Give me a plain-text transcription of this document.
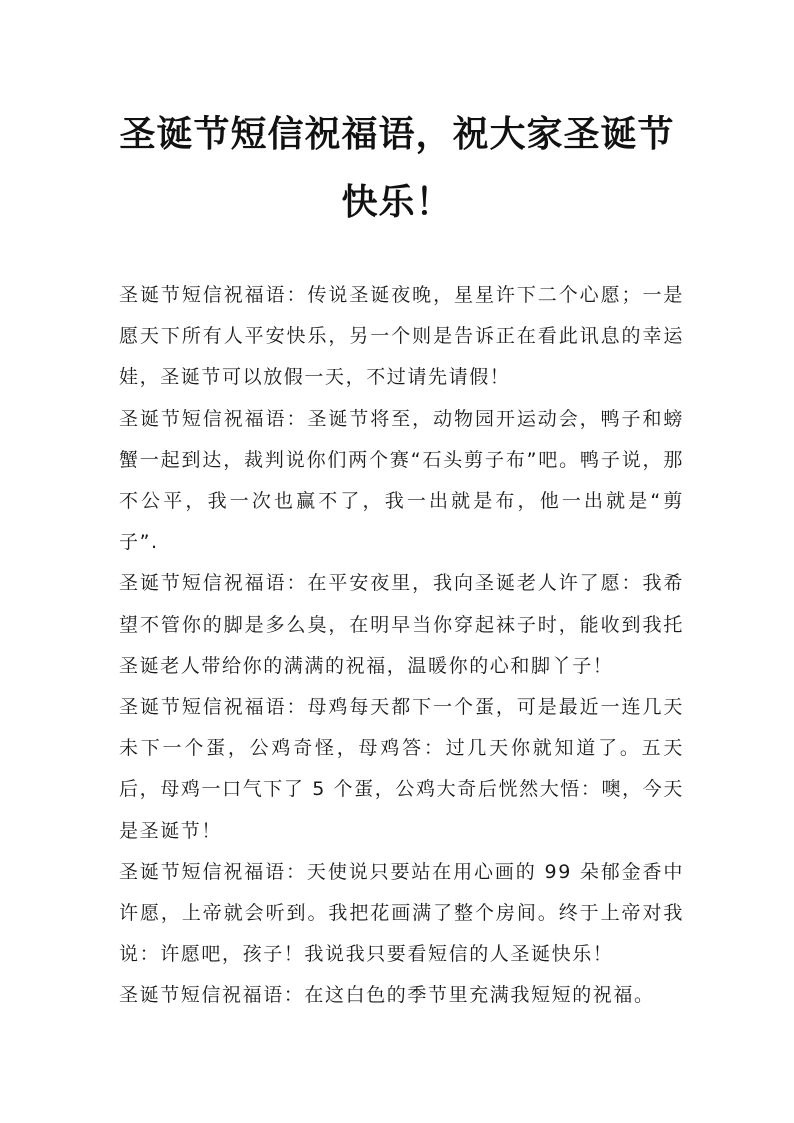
圣诞节短信祝福语，祝大家圣诞节快乐！

圣诞节短信祝福语：传说圣诞夜晚，星星许下二个心愿；一是愿天下所有人平安快乐，另一个则是告诉正在看此讯息的幸运娃，圣诞节可以放假一天，不过请先请假！

圣诞节短信祝福语：圣诞节将至，动物园开运动会，鸭子和螃蟹一起到达，裁判说你们两个赛“石头剪子布”吧。鸭子说，那不公平，我一次也赢不了，我一出就是布，他一出就是“剪子”.

圣诞节短信祝福语：在平安夜里，我向圣诞老人许了愿：我希望不管你的脚是多么臭，在明早当你穿起袜子时，能收到我托圣诞老人带给你的满满的祝福，温暖你的心和脚丫子！

圣诞节短信祝福语：母鸡每天都下一个蛋，可是最近一连几天未下一个蛋，公鸡奇怪，母鸡答：过几天你就知道了。五天后，母鸡一口气下了 5 个蛋，公鸡大奇后恍然大悟：噢，今天是圣诞节！

圣诞节短信祝福语：天使说只要站在用心画的 99 朵郁金香中许愿，上帝就会听到。我把花画满了整个房间。终于上帝对我说：许愿吧，孩子！我说我只要看短信的人圣诞快乐！

圣诞节短信祝福语：在这白色的季节里充满我短短的祝福。
